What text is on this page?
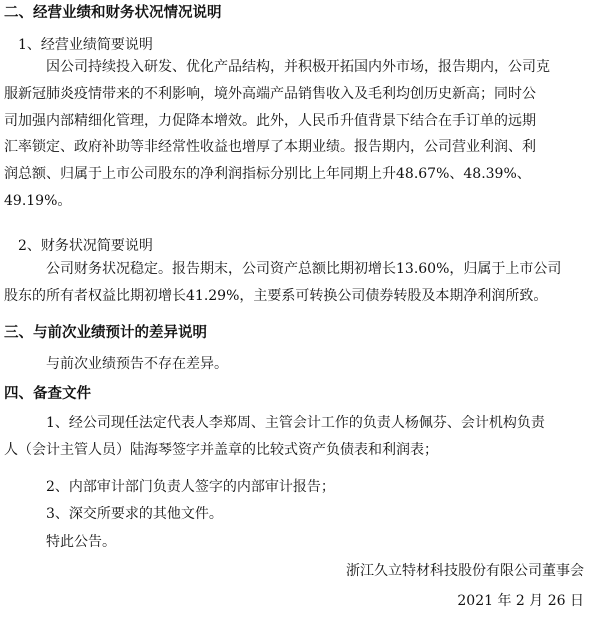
二、经营业绩和财务状况情况说明
1、经营业绩简要说明
因公司持续投入研发、优化产品结构，并积极开拓国内外市场，报告期内，公司克
服新冠肺炎疫情带来的不利影响，境外高端产品销售收入及毛利均创历史新高；同时公
司加强内部精细化管理，力促降本增效。此外，人民币升值背景下结合在手订单的远期
汇率锁定、政府补助等非经常性收益也增厚了本期业绩。报告期内，公司营业利润、利
润总额、归属于上市公司股东的净利润指标分别比上年同期上升48.67%、48.39%、
49.19%。
2、财务状况简要说明
公司财务状况稳定。报告期末，公司资产总额比期初增长13.60%，归属于上市公司
股东的所有者权益比期初增长41.29%，主要系可转换公司债券转股及本期净利润所致。
三、与前次业绩预计的差异说明
与前次业绩预告不存在差异。
四、备查文件
1、经公司现任法定代表人李郑周、主管会计工作的负责人杨佩芬、会计机构负责
人（会计主管人员）陆海琴签字并盖章的比较式资产负债表和利润表；
2、内部审计部门负责人签字的内部审计报告；
3、深交所要求的其他文件。
特此公告。
浙江久立特材科技股份有限公司董事会
2021 年 2 月 26 日
